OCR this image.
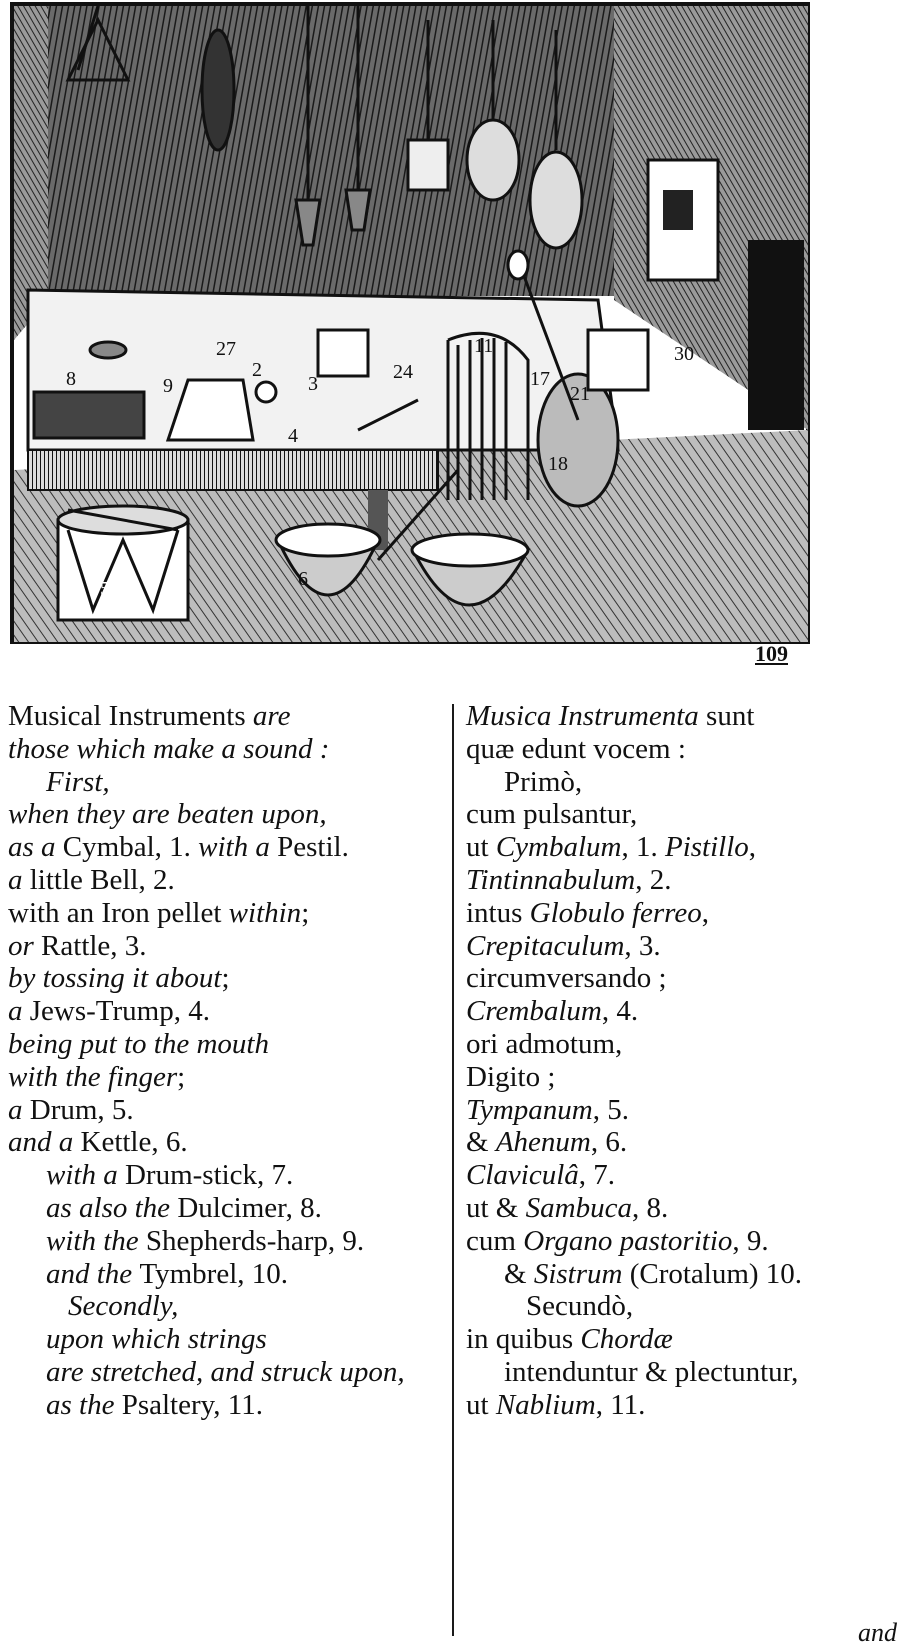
8	9
27
2
3
24
4
11
17
21
18
30
5	6
109
Musical Instruments are
those which make a sound :
First,
when they are beaten upon,
as a Cymbal, 1. with a Pestil.
a little Bell, 2.
with an Iron pellet within;
or Rattle, 3.
by tossing it about;
a Jews-Trump, 4.
being put to the mouth
with the finger;
a Drum, 5.
and a Kettle, 6.
with a Drum-stick, 7.
as also the Dulcimer, 8.
with the Shepherds-harp, 9.
and the Tymbrel, 10.
Secondly,
upon which strings
are stretched, and struck upon,
as the Psaltery, 11.
Musica Instrumenta sunt
quæ edunt vocem :
Primò,
cum pulsantur,
ut Cymbalum, 1. Pistillo,
Tintinnabulum, 2.
intus Globulo ferreo,
Crepitaculum, 3.
circumversando ;
Crembalum, 4.
ori admotum,
Digito ;
Tympanum, 5.
& Ahenum, 6.
Claviculâ, 7.
ut & Sambuca, 8.
cum Organo pastoritio, 9.
& Sistrum (Crotalum) 10.
Secundò,
in quibus Chordæ
intenduntur & plectuntur,
ut Nablium, 11.
and
